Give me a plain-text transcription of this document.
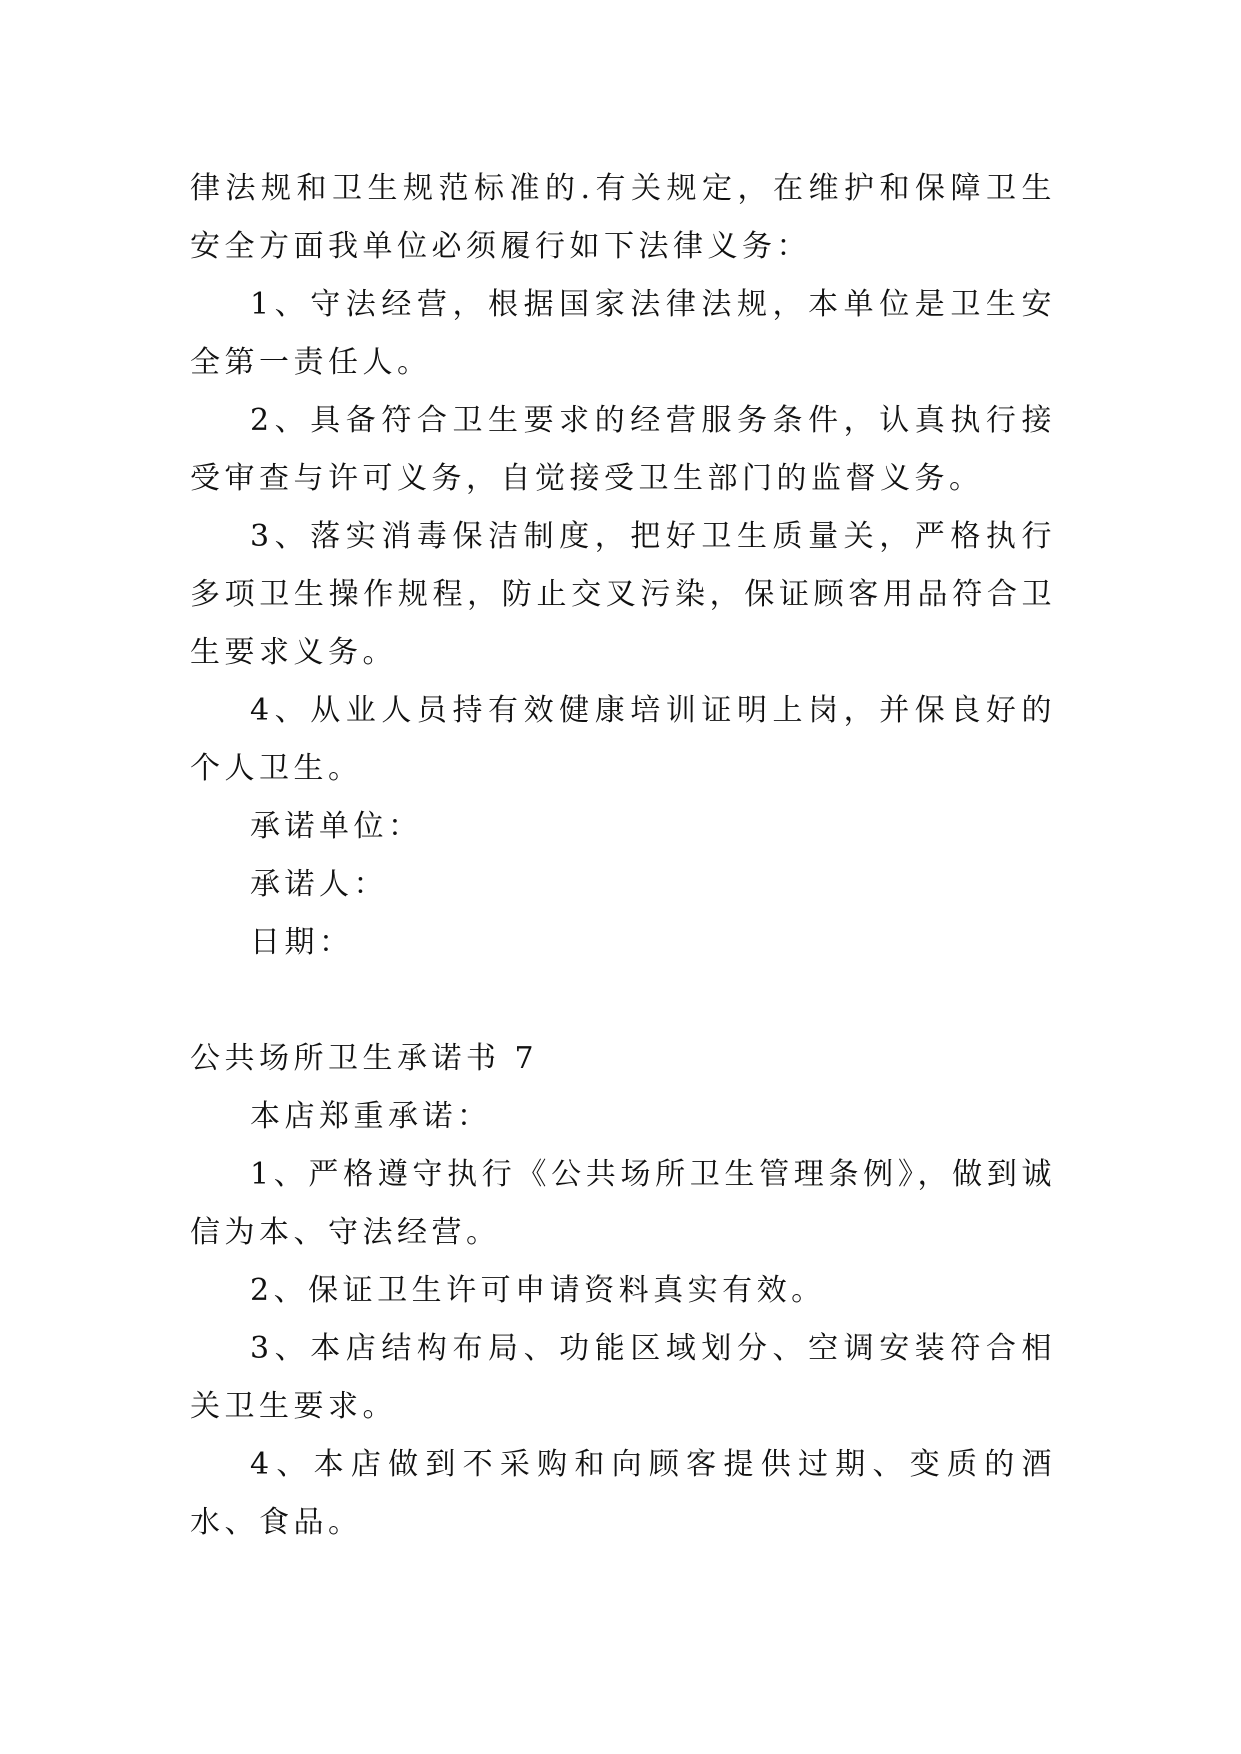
律法规和卫生规范标准的.有关规定，在维护和保障卫生安全方面我单位必须履行如下法律义务：

1、守法经营，根据国家法律法规，本单位是卫生安全第一责任人。

2、具备符合卫生要求的经营服务条件，认真执行接受审查与许可义务，自觉接受卫生部门的监督义务。

3、落实消毒保洁制度，把好卫生质量关，严格执行多项卫生操作规程，防止交叉污染，保证顾客用品符合卫生要求义务。

4、从业人员持有效健康培训证明上岗，并保良好的个人卫生。

承诺单位：

承诺人：

日期：

公共场所卫生承诺书 7

本店郑重承诺：

1、严格遵守执行《公共场所卫生管理条例》，做到诚信为本、守法经营。

2、保证卫生许可申请资料真实有效。

3、本店结构布局、功能区域划分、空调安装符合相关卫生要求。

4、本店做到不采购和向顾客提供过期、变质的酒水、食品。
